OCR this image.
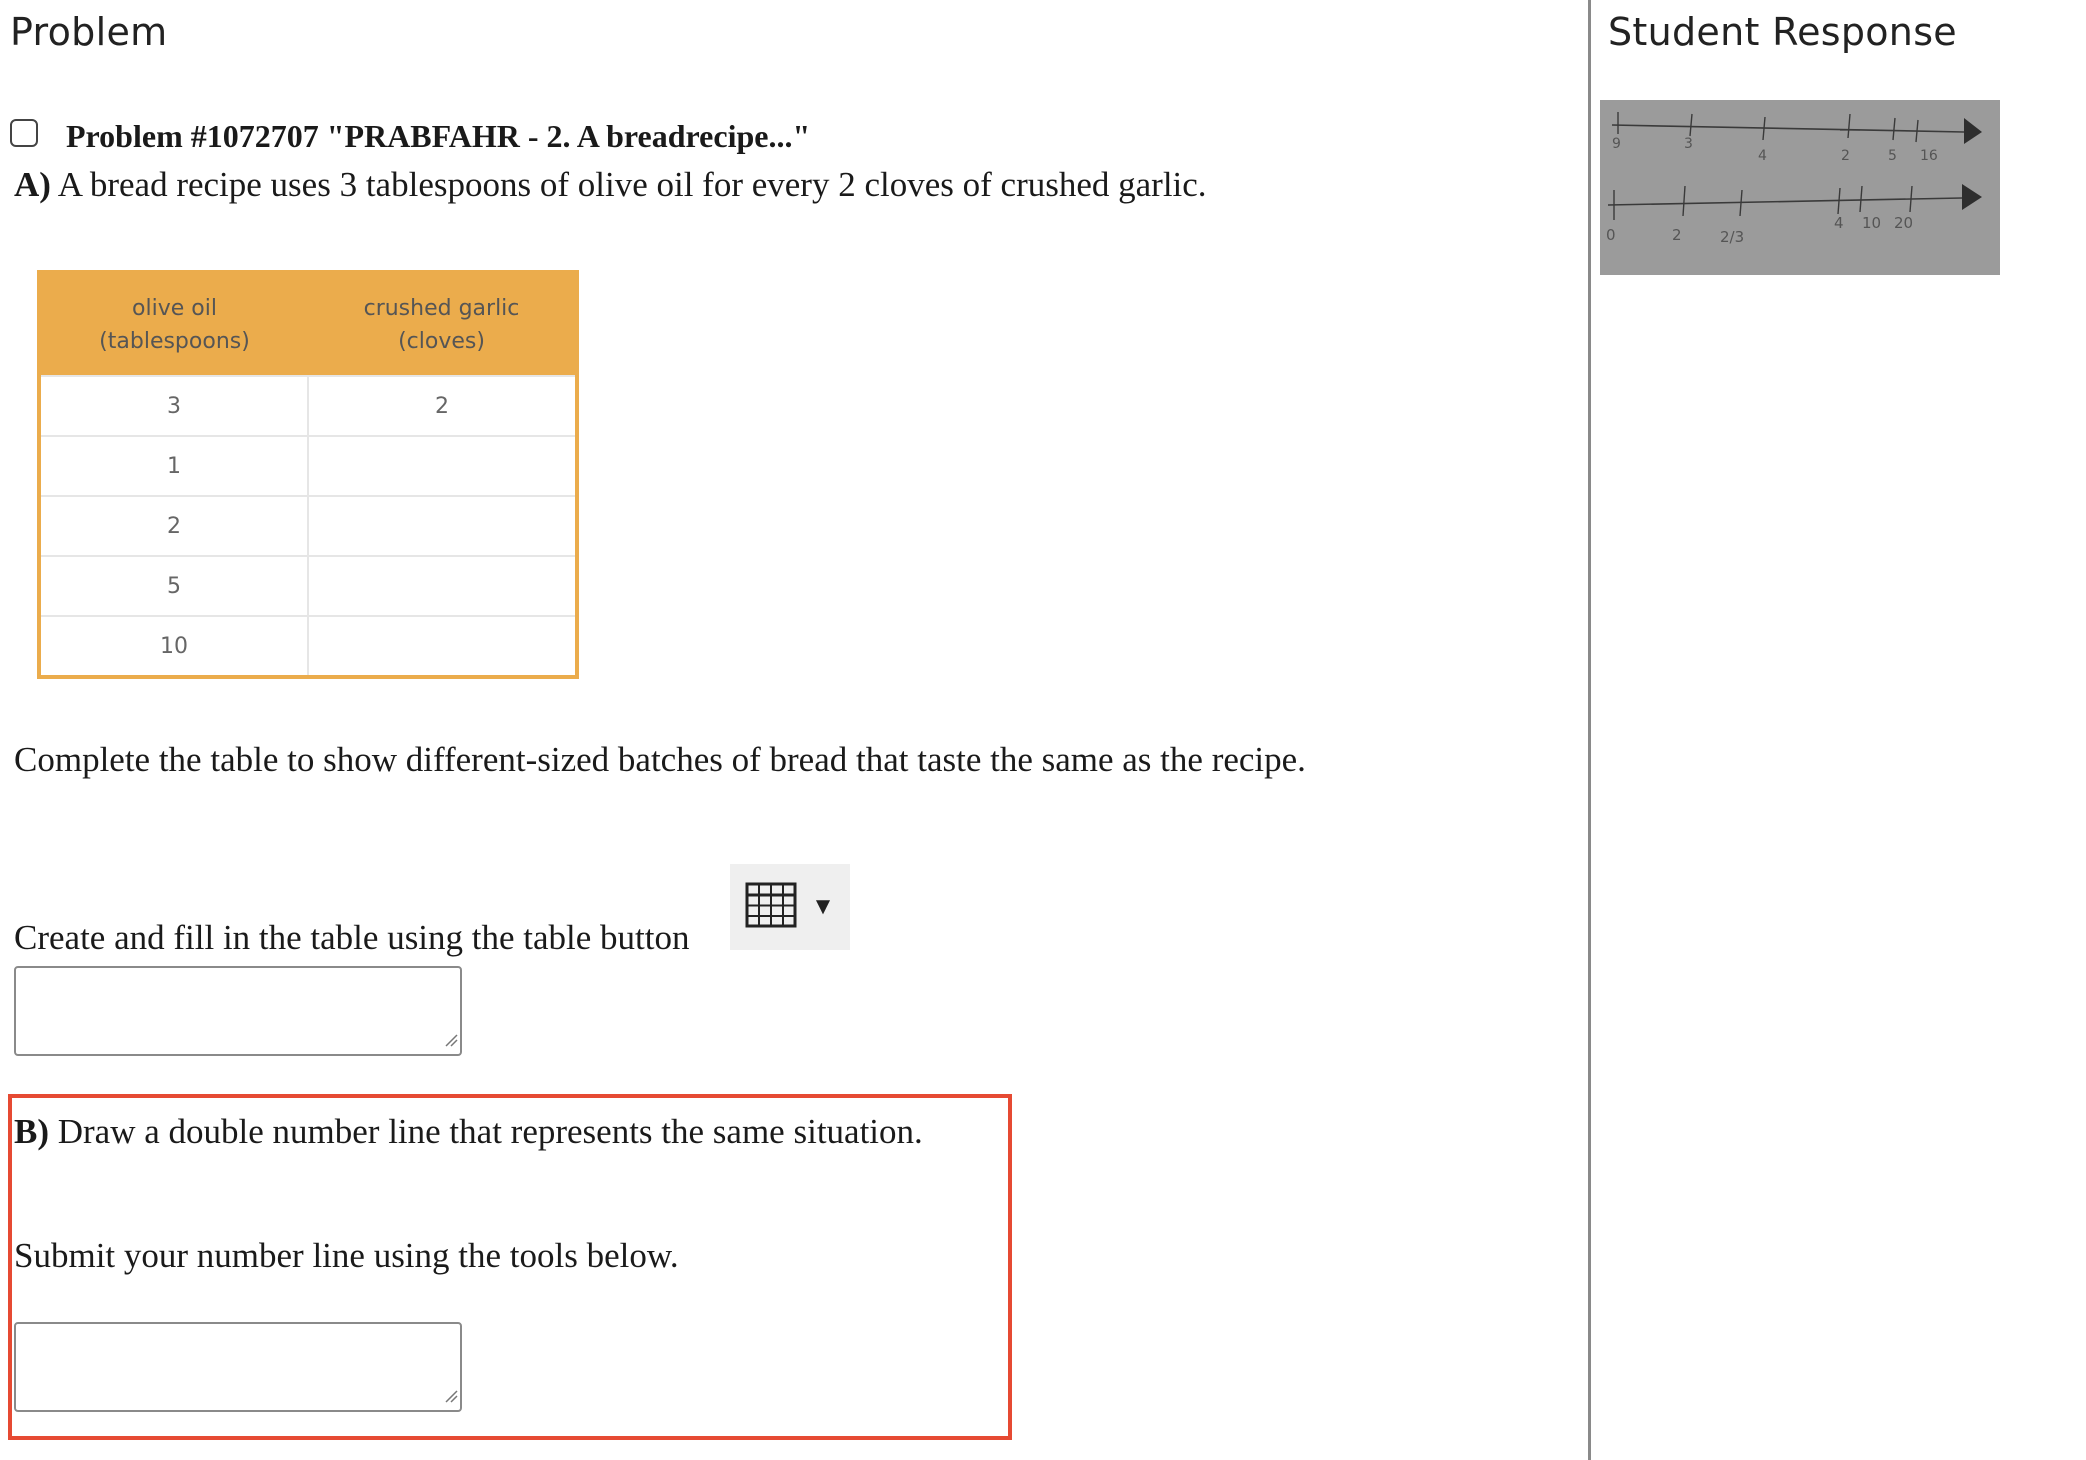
Problem
Problem #1072707 "PRABFAHR - 2. A breadrecipe..."
A) A bread recipe uses 3 tablespoons of olive oil for every 2 cloves of crushed garlic.
olive oil
(tablespoons)	crushed garlic
(cloves)
3	2
1	
2	
5	
10	
Complete the table to show different-sized batches of bread that taste the same as the recipe.
Create and fill in the table using the table button
▼
B) Draw a double number line that represents the same situation.
Submit your number line using the tools below.
Student Response
9	3
4	2	5 16
0	2	2/3
4 10 20
